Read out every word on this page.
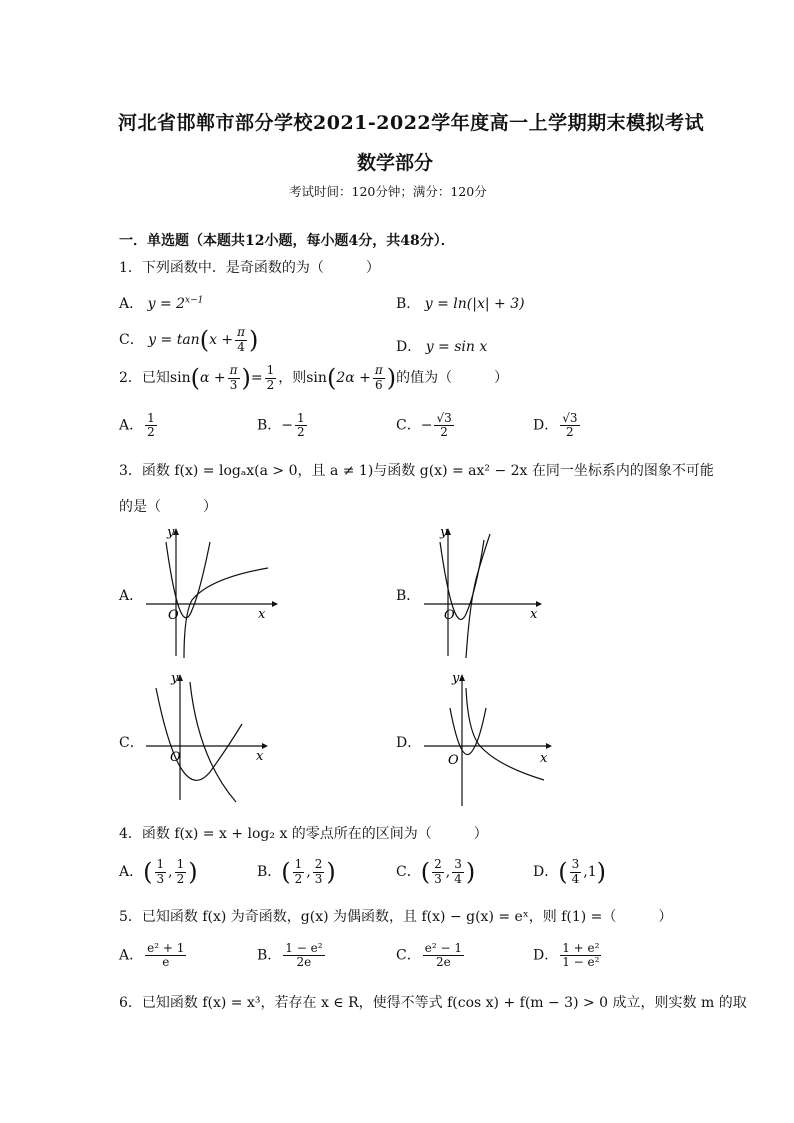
河北省邯郸市部分学校2021-2022学年度高一上学期期末模拟考试
数学部分
考试时间：120分钟；满分：120分
一．单选题（本题共12小题，每小题4分，共48分）．
1．下列函数中．是奇函数的为（　　　）
A． $y = 2^{x-1}$	B． y = ln(|x| + 3)
C． $y = \tan(x + \frac{\pi}{4}$ )	D． y = sin x
2．已知$\sin(\alpha + \frac{\pi}{3}$ )= $\frac{1}{2}$ ，则$\sin(2\alpha + \frac{\pi}{6}$ )的值为（　　　）
A． $\frac{1}{2}$	B．− $\frac{1}{2}$	C．− $\frac{√3}{2}$	D． $\frac{√3}{2}$
3．函数 f(x) = logₐx(a > 0，且 a ≠ 1)与函数 g(x) = ax² − 2x 在同一坐标系内的图象不可能
的是（　　　）
A．
y
x
O
B．
y
x
O
C．
y
x
O
D．
y
x
O
4．函数 f(x) = x + log₂ x 的零点所在的区间为（　　　）
A．( $\frac{1}{3}$ , $\frac{1}{2}$ )	B．( $\frac{1}{2}$ , $\frac{2}{3}$ )	C．( $\frac{2}{3}$ , $\frac{3}{4}$ )	D．( $\frac{3}{4} ,1$)
5．已知函数 f(x) 为奇函数，g(x) 为偶函数，且 f(x) − g(x) = eˣ，则 f(1) =（　　　）
A． $\frac{\text{e² + 1}}{e}$	B． $\frac{\text{1 − e²}}{2e}$	C． $\frac{\text{e² − 1}}{2e}$	D． $\frac{\text{1 + e²}}{\text{1 − e²}}$
6．已知函数 f(x) = x³，若存在 x ∈ R，使得不等式 f(cos x) + f(m − 3) > 0 成立，则实数 m 的取
